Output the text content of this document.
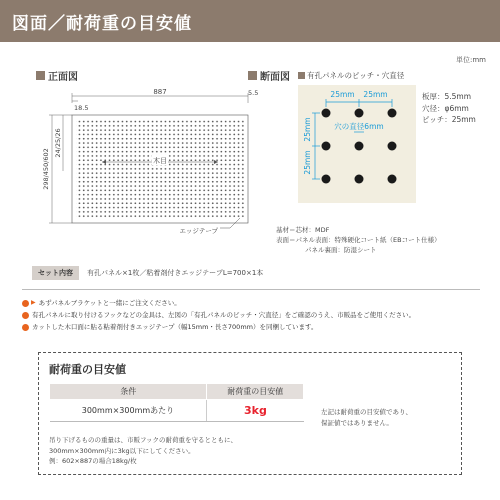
図面／耐荷重の目安値
単位:mm
正面図
887
18.5
298/450/602
24/25/26
木目
エッジテープ
5.5
断面図 有孔パネルのピッチ・穴直径
25mm 25mm
25mm
25mm
穴の直径6mm
板厚：5.5mm
穴径：φ6mm
ピッチ：25mm
基材＝芯材：MDF
表面＝パネル表面：特殊硬化コート紙（EBコート仕様）
パネル裏面：防湿シート
セット内容	有孔パネル×1枚／粘着剤付きエッジテープL=700×1本
▶ あずパネルブラケットと一緒にご注文ください。
有孔パネルに取り付けるフックなどの金具は、左図の「有孔パネルのピッチ・穴直径」をご確認のうえ、市販品をご使用ください。
カットした木口面に貼る粘着剤付きエッジテープ（幅15mm・長さ700mm）を同梱しています。
耐荷重の目安値
条件	耐荷重の目安値
300mm×300mmあたり	3kg	左記は耐荷重の目安値であり、
保証値ではありません。
吊り下げるものの重量は、市販フックの耐荷重を守るとともに、
300mm×300mm内に3kg以下にしてください。
例：602×887の場合18kg/枚
